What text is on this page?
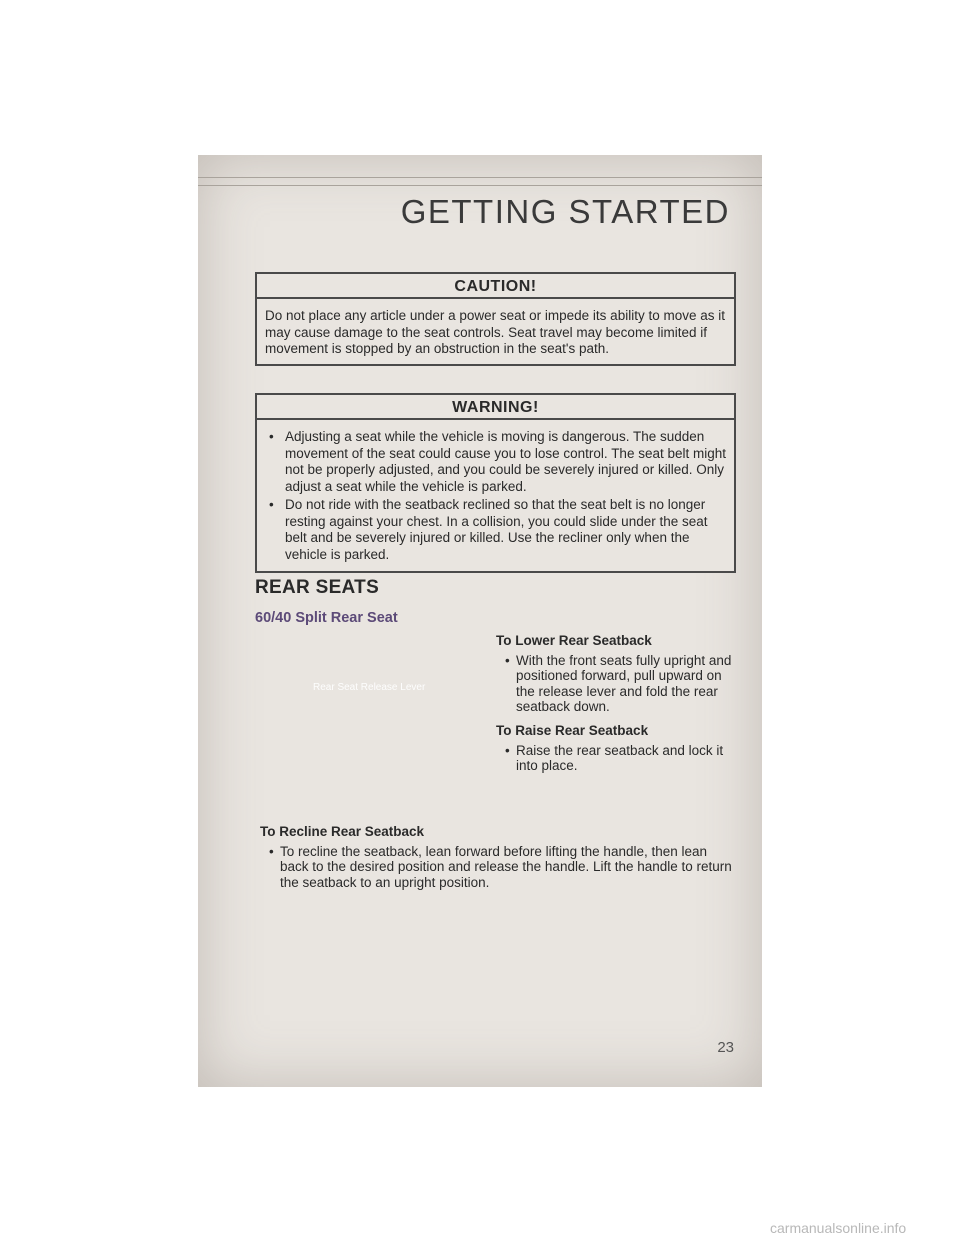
GETTING STARTED
CAUTION!
Do not place any article under a power seat or impede its ability to move as it may cause damage to the seat controls. Seat travel may become limited if movement is stopped by an obstruction in the seat's path.
WARNING!
• Adjusting a seat while the vehicle is moving is dangerous. The sudden movement of the seat could cause you to lose control. The seat belt might not be properly adjusted, and you could be severely injured or killed. Only adjust a seat while the vehicle is parked.
• Do not ride with the seatback reclined so that the seat belt is no longer resting against your chest. In a collision, you could slide under the seat belt and be severely injured or killed. Use the recliner only when the vehicle is parked.
REAR SEATS
60/40 Split Rear Seat
Rear Seat Release Lever
To Lower Rear Seatback
• With the front seats fully upright and positioned forward, pull upward on the release lever and fold the rear seatback down.
To Raise Rear Seatback
• Raise the rear seatback and lock it into place.
To Recline Rear Seatback
• To recline the seatback, lean forward before lifting the handle, then lean back to the desired position and release the handle. Lift the handle to return the seatback to an upright position.
23
carmanualsonline.info
